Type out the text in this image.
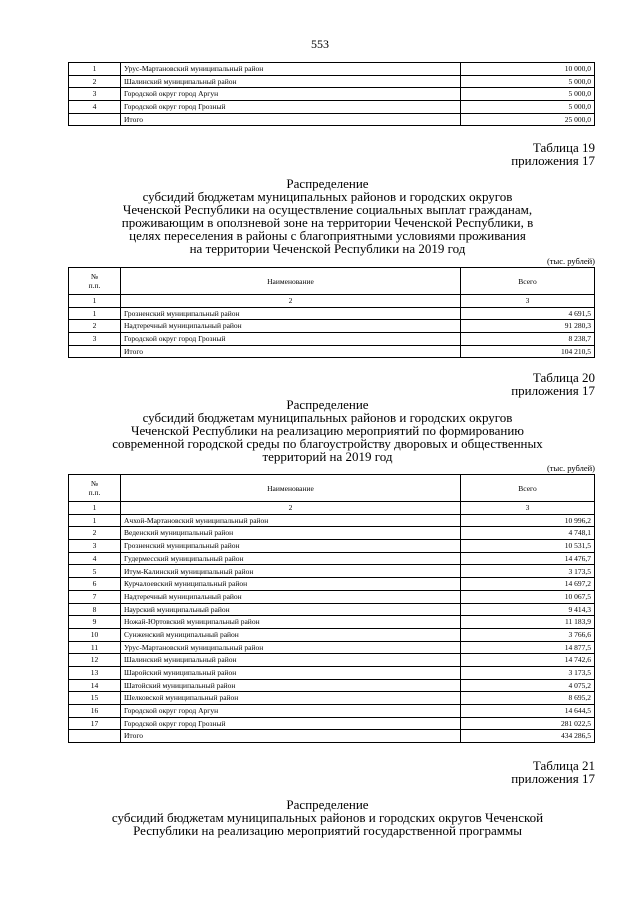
553
1	Урус-Мартановский муниципальный район	10 000,0
2	Шалинский муниципальный район	5 000,0
3	Городской округ город Аргун	5 000,0
4	Городской округ город Грозный	5 000,0
	Итого	25 000,0
Таблица 19
приложения 17
Распределение
субсидий бюджетам муниципальных районов и городских округов
Чеченской Республики на осуществление социальных выплат гражданам,
проживающим в оползневой зоне на территории Чеченской Республики, в
целях переселения в районы с благоприятными условиями проживания
на территории Чеченской Республики на 2019 год
(тыс. рублей)
№
п.п.	Наименование	Всего
1	2	3
1	Грозненский муниципальный район	4 691,5
2	Надтеречный муниципальный район	91 280,3
3	Городской округ город Грозный	8 238,7
	Итого	104 210,5
Таблица 20
приложения 17
Распределение
субсидий бюджетам муниципальных районов и городских округов
Чеченской Республики на реализацию мероприятий по формированию
современной городской среды по благоустройству дворовых и общественных
территорий на 2019 год
(тыс. рублей)
№
п.п.	Наименование	Всего
1	2	3
1	Ачхой-Мартановский муниципальный район	10 996,2
2	Веденский муниципальный район	4 748,1
3	Грозненский муниципальный район	10 531,5
4	Гудермесский муниципальный район	14 476,7
5	Итум-Калинский муниципальный район	3 173,5
6	Курчалоевский муниципальный район	14 697,2
7	Надтеречный муниципальный район	10 067,5
8	Наурский муниципальный район	9 414,3
9	Ножай-Юртовский муниципальный район	11 183,9
10	Сунженский муниципальный район	3 766,6
11	Урус-Мартановский муниципальный район	14 877,5
12	Шалинский муниципальный район	14 742,6
13	Шаройский муниципальный район	3 173,5
14	Шатойский муниципальный район	4 075,2
15	Шелковской муниципальный район	8 695,2
16	Городской округ город Аргун	14 644,5
17	Городской округ город Грозный	281 022,5
	Итого	434 286,5
Таблица 21
приложения 17
Распределение
субсидий бюджетам муниципальных районов и городских округов Чеченской
Республики на реализацию мероприятий государственной программы
